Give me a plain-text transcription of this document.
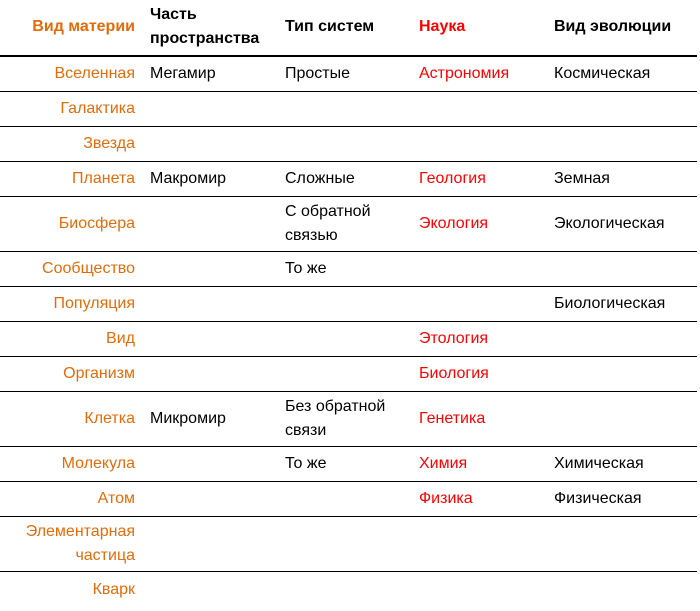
Вид материи	Часть пространства	Тип систем	Наука	Вид эволюции
Вселенная	Мегамир	Простые	Астрономия	Космическая
Галактика				
Звезда				
Планета	Макромир	Сложные	Геология	Земная
Биосфера		С обратной связью	Экология	Экологическая
Сообщество		То же		
Популяция				Биологическая
Вид			Этология	
Организм			Биология	
Клетка	Микромир	Без обратной связи	Генетика	
Молекула		То же	Химия	Химическая
Атом			Физика	Физическая
Элементарная частица				
Кварк				
